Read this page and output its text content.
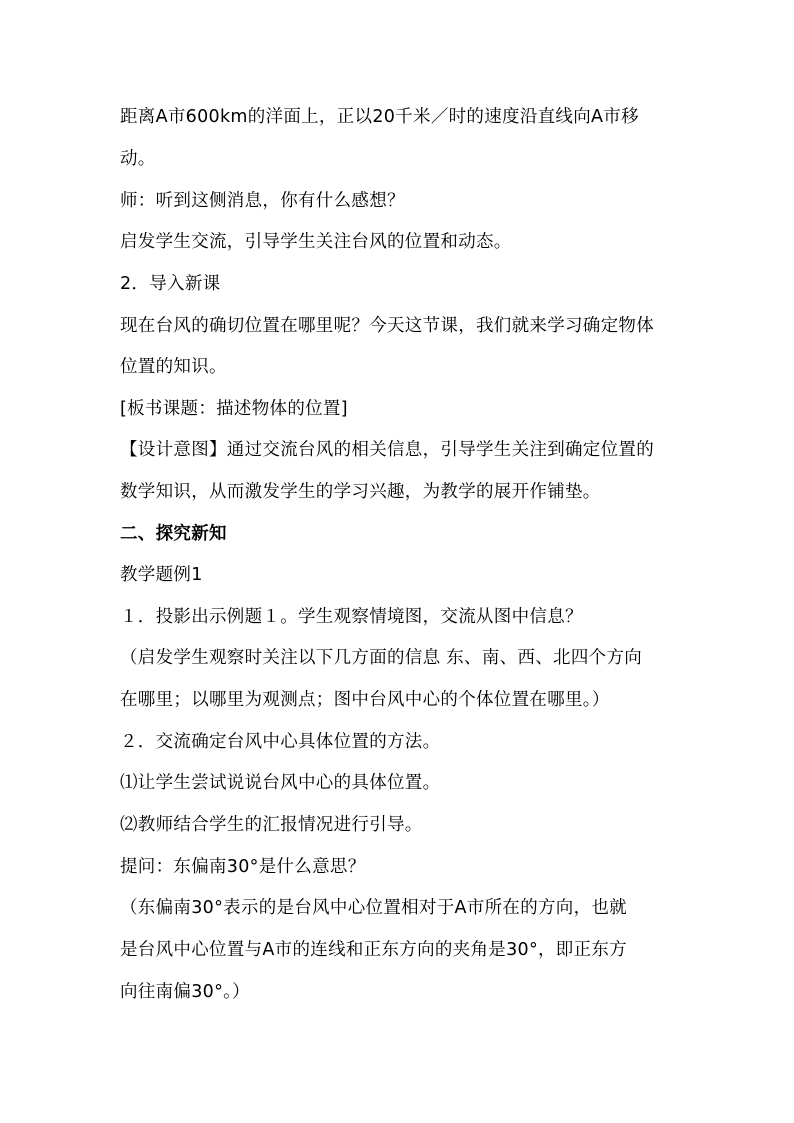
距离A市600km的洋面上，正以20千米／时的速度沿直线向A市移
动。
师：听到这侧消息，你有什么感想？
启发学生交流，引导学生关注台风的位置和动态。
2．导入新课
现在台风的确切位置在哪里呢？今天这节课，我们就来学习确定物体
位置的知识。
[板书课题：描述物体的位置]
【设计意图】通过交流台风的相关信息，引导学生关注到确定位置的
数学知识，从而激发学生的学习兴趣，为教学的展开作铺垫。
二、探究新知
教学题例1
１．投影出示例题１。学生观察情境图，交流从图中信息？
（启发学生观察时关注以下几方面的信息 东、南、西、北四个方向
在哪里；以哪里为观测点；图中台风中心的个体位置在哪里。）
２．交流确定台风中心具体位置的方法。
⑴让学生尝试说说台风中心的具体位置。
⑵教师结合学生的汇报情况进行引导。
提问：东偏南30°是什么意思？
（东偏南30°表示的是台风中心位置相对于A市所在的方向，也就
是台风中心位置与A市的连线和正东方向的夹角是30°，即正东方
向往南偏30°。）
